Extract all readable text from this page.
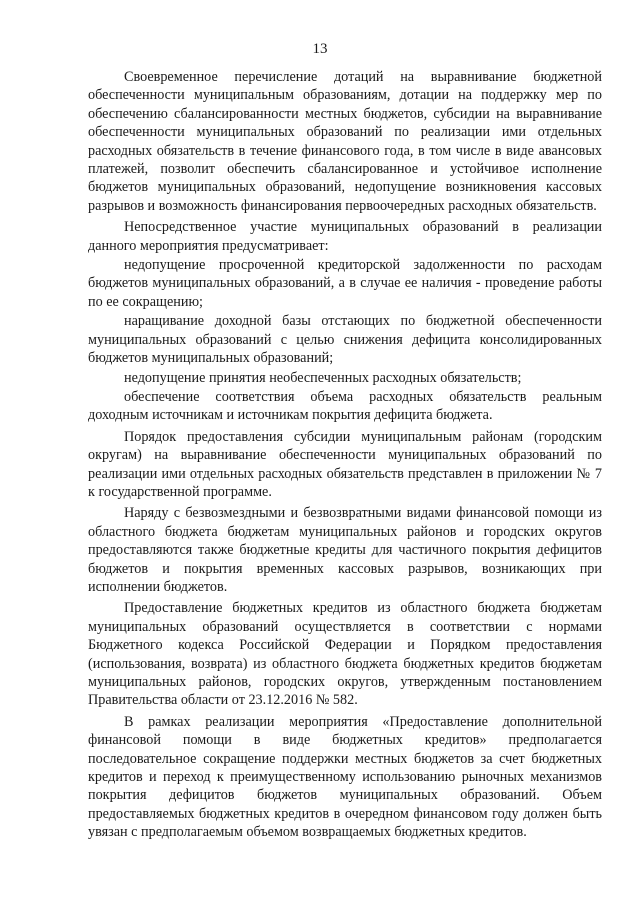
13

Своевременное перечисление дотаций на выравнивание бюджетной обеспеченности муниципальным образованиям, дотации на поддержку мер по обеспечению сбалансированности местных бюджетов, субсидии на выравнивание обеспеченности муниципальных образований по реализации ими отдельных расходных обязательств в течение финансового года, в том числе в виде авансовых платежей, позволит обеспечить сбалансированное и устойчивое исполнение бюджетов муниципальных образований, недопущение возникновения кассовых разрывов и возможность финансирования первоочередных расходных обязательств.

Непосредственное участие муниципальных образований в реализации данного мероприятия предусматривает:

недопущение просроченной кредиторской задолженности по расходам бюджетов муниципальных образований, а в случае ее наличия - проведение работы по ее сокращению;

наращивание доходной базы отстающих по бюджетной обеспеченности муниципальных образований с целью снижения дефицита консолидированных бюджетов муниципальных образований;

недопущение принятия необеспеченных расходных обязательств;

обеспечение соответствия объема расходных обязательств реальным доходным источникам и источникам покрытия дефицита бюджета.

Порядок предоставления субсидии муниципальным районам (городским округам) на выравнивание обеспеченности муниципальных образований по реализации ими отдельных расходных обязательств представлен в приложении № 7 к государственной программе.

Наряду с безвозмездными и безвозвратными видами финансовой помощи из областного бюджета бюджетам муниципальных районов и городских округов предоставляются также бюджетные кредиты для частичного покрытия дефицитов бюджетов и покрытия временных кассовых разрывов, возникающих при исполнении бюджетов.

Предоставление бюджетных кредитов из областного бюджета бюджетам муниципальных образований осуществляется в соответствии с нормами Бюджетного кодекса Российской Федерации и Порядком предоставления (использования, возврата) из областного бюджета бюджетных кредитов бюджетам муниципальных районов, городских округов, утвержденным постановлением Правительства области от 23.12.2016 № 582.

В рамках реализации мероприятия «Предоставление дополнительной финансовой помощи в виде бюджетных кредитов» предполагается последовательное сокращение поддержки местных бюджетов за счет бюджетных кредитов и переход к преимущественному использованию рыночных механизмов покрытия дефицитов бюджетов муниципальных образований. Объем предоставляемых бюджетных кредитов в очередном финансовом году должен быть увязан с предполагаемым объемом возвращаемых бюджетных кредитов.
